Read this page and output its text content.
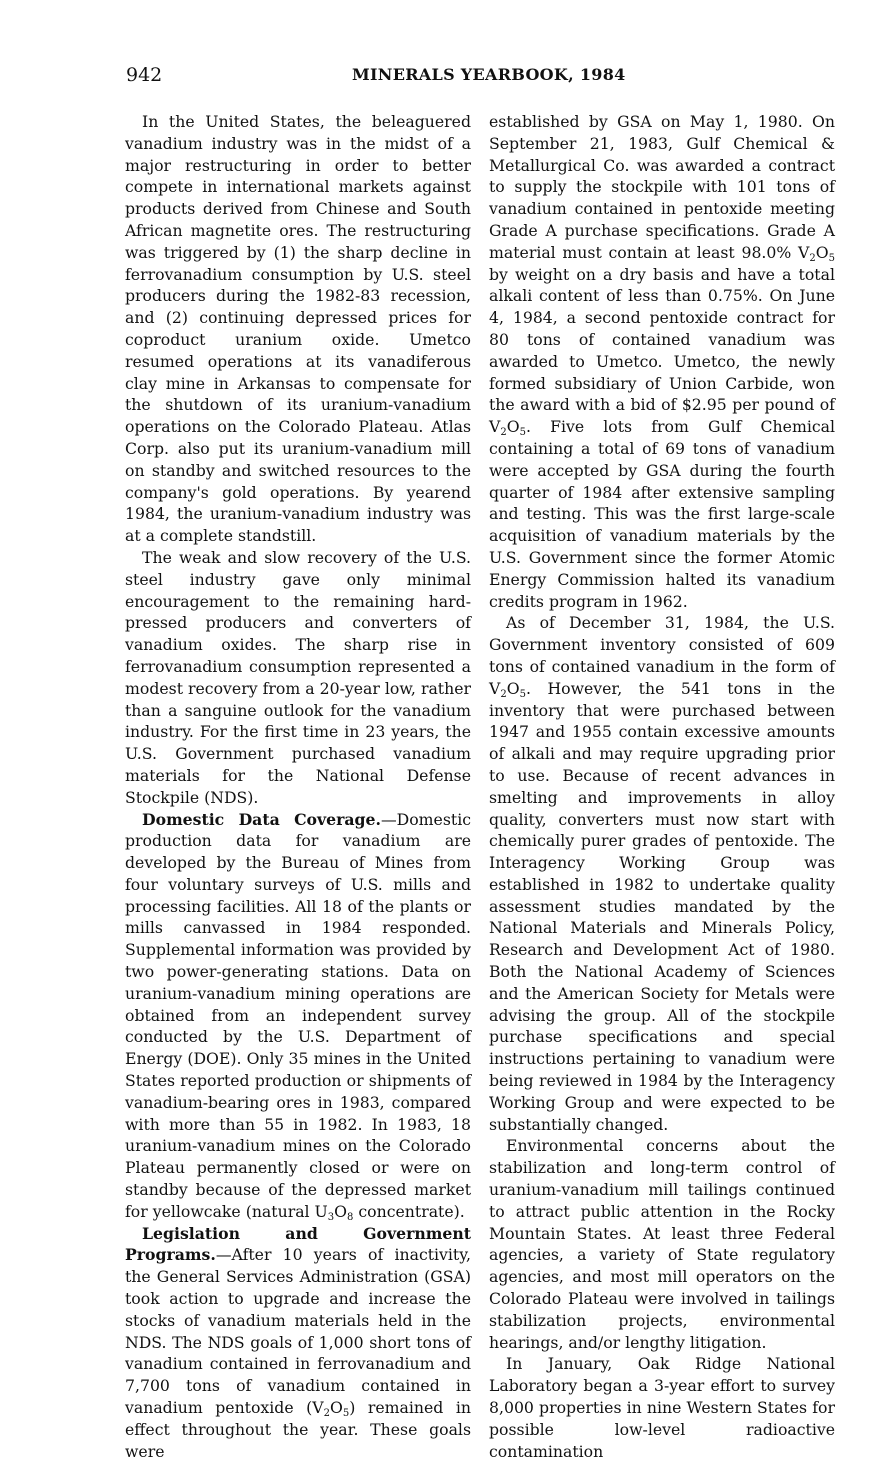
942	MINERALS YEARBOOK, 1984

In the United States, the beleaguered vanadium industry was in the midst of a major restructuring in order to better compete in international markets against products derived from Chinese and South African magnetite ores. The restructuring was triggered by (1) the sharp decline in ferrovanadium consumption by U.S. steel producers during the 1982-83 recession, and (2) continuing depressed prices for coproduct uranium oxide. Umetco resumed operations at its vanadiferous clay mine in Arkansas to compensate for the shutdown of its uranium-vanadium operations on the Colorado Plateau. Atlas Corp. also put its uranium-vanadium mill on standby and switched resources to the company's gold operations. By yearend 1984, the uranium-vanadium industry was at a complete standstill.

The weak and slow recovery of the U.S. steel industry gave only minimal encouragement to the remaining hard-pressed producers and converters of vanadium oxides. The sharp rise in ferrovanadium consumption represented a modest recovery from a 20-year low, rather than a sanguine outlook for the vanadium industry. For the first time in 23 years, the U.S. Government purchased vanadium materials for the National Defense Stockpile (NDS).

Domestic Data Coverage.—Domestic production data for vanadium are developed by the Bureau of Mines from four voluntary surveys of U.S. mills and processing facilities. All 18 of the plants or mills canvassed in 1984 responded. Supplemental information was provided by two power-generating stations. Data on uranium-vanadium mining operations are obtained from an independent survey conducted by the U.S. Department of Energy (DOE). Only 35 mines in the United States reported production or shipments of vanadium-bearing ores in 1983, compared with more than 55 in 1982. In 1983, 18 uranium-vanadium mines on the Colorado Plateau permanently closed or were on standby because of the depressed market for yellowcake (natural $U_3O_8$ concentrate).

Legislation and Government Programs.—After 10 years of inactivity, the General Services Administration (GSA) took action to upgrade and increase the stocks of vanadium materials held in the NDS. The NDS goals of 1,000 short tons of vanadium contained in ferrovanadium and 7,700 tons of vanadium contained in vanadium pentoxide $(V_2O_5)$ remained in effect throughout the year. These goals were

established by GSA on May 1, 1980. On September 21, 1983, Gulf Chemical & Metallurgical Co. was awarded a contract to supply the stockpile with 101 tons of vanadium contained in pentoxide meeting Grade A purchase specifications. Grade A material must contain at least 98.0% $V_2O_5$ by weight on a dry basis and have a total alkali content of less than 0.75%. On June 4, 1984, a second pentoxide contract for 80 tons of contained vanadium was awarded to Umetco. Umetco, the newly formed subsidiary of Union Carbide, won the award with a bid of $2.95 per pound of $V_2O_5$. Five lots from Gulf Chemical containing a total of 69 tons of vanadium were accepted by GSA during the fourth quarter of 1984 after extensive sampling and testing. This was the first large-scale acquisition of vanadium materials by the U.S. Government since the former Atomic Energy Commission halted its vanadium credits program in 1962.

As of December 31, 1984, the U.S. Government inventory consisted of 609 tons of contained vanadium in the form of $V_2O_5$. However, the 541 tons in the inventory that were purchased between 1947 and 1955 contain excessive amounts of alkali and may require upgrading prior to use. Because of recent advances in smelting and improvements in alloy quality, converters must now start with chemically purer grades of pentoxide. The Interagency Working Group was established in 1982 to undertake quality assessment studies mandated by the National Materials and Minerals Policy, Research and Development Act of 1980. Both the National Academy of Sciences and the American Society for Metals were advising the group. All of the stockpile purchase specifications and special instructions pertaining to vanadium were being reviewed in 1984 by the Interagency Working Group and were expected to be substantially changed.

Environmental concerns about the stabilization and long-term control of uranium-vanadium mill tailings continued to attract public attention in the Rocky Mountain States. At least three Federal agencies, a variety of State regulatory agencies, and most mill operators on the Colorado Plateau were involved in tailings stabilization projects, environmental hearings, and/or lengthy litigation.

In January, Oak Ridge National Laboratory began a 3-year effort to survey 8,000 properties in nine Western States for possible low-level radioactive contamination
